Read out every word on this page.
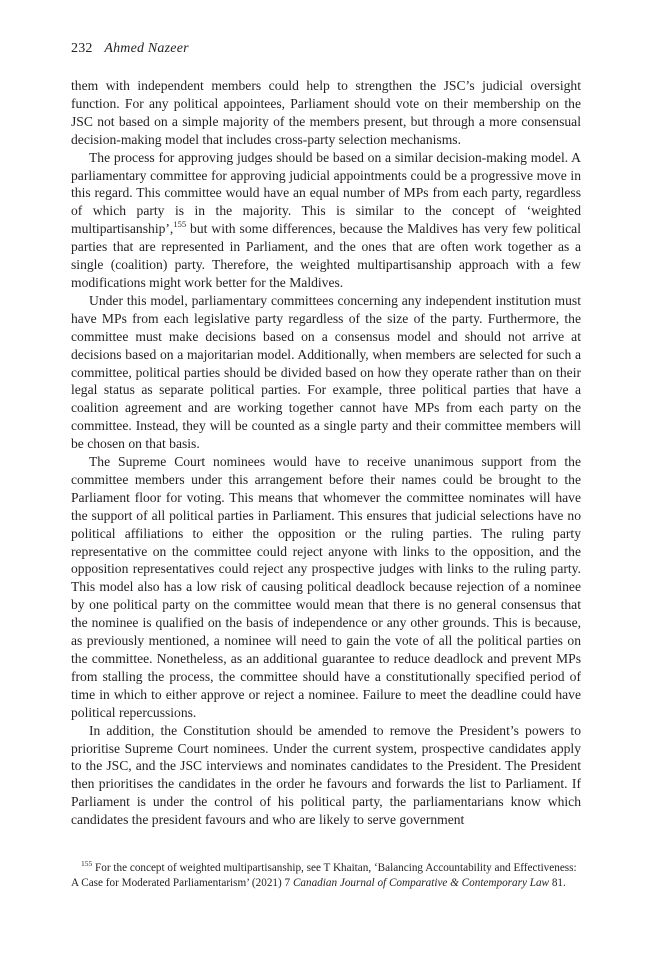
232 Ahmed Nazeer

them with independent members could help to strengthen the JSC’s judicial oversight function. For any political appointees, Parliament should vote on their membership on the JSC not based on a simple majority of the members present, but through a more consensual decision-making model that includes cross-party selection mechanisms.

The process for approving judges should be based on a similar decision-making model. A parliamentary committee for approving judicial appointments could be a progressive move in this regard. This committee would have an equal number of MPs from each party, regardless of which party is in the majority. This is similar to the concept of ‘weighted multipartisanship’,$^{155}$ but with some differences, because the Maldives has very few political parties that are represented in Parliament, and the ones that are often work together as a single (coalition) party. Therefore, the weighted multipartisanship approach with a few modifications might work better for the Maldives.

Under this model, parliamentary committees concerning any independent institution must have MPs from each legislative party regardless of the size of the party. Furthermore, the committee must make decisions based on a consensus model and should not arrive at decisions based on a majoritarian model. Additionally, when members are selected for such a committee, political parties should be divided based on how they operate rather than on their legal status as separate political parties. For example, three political parties that have a coalition agreement and are working together cannot have MPs from each party on the committee. Instead, they will be counted as a single party and their committee members will be chosen on that basis.

The Supreme Court nominees would have to receive unanimous support from the committee members under this arrangement before their names could be brought to the Parliament floor for voting. This means that whomever the committee nominates will have the support of all political parties in Parliament. This ensures that judicial selections have no political affiliations to either the opposition or the ruling parties. The ruling party representative on the committee could reject anyone with links to the opposition, and the opposition representatives could reject any prospective judges with links to the ruling party. This model also has a low risk of causing political deadlock because rejection of a nominee by one political party on the committee would mean that there is no general consensus that the nominee is qualified on the basis of independence or any other grounds. This is because, as previously mentioned, a nominee will need to gain the vote of all the political parties on the committee. Nonetheless, as an additional guarantee to reduce deadlock and prevent MPs from stalling the process, the committee should have a constitutionally specified period of time in which to either approve or reject a nominee. Failure to meet the deadline could have political repercussions.

In addition, the Constitution should be amended to remove the President’s powers to prioritise Supreme Court nominees. Under the current system, prospective candidates apply to the JSC, and the JSC interviews and nominates candidates to the President. The President then prioritises the candidates in the order he favours and forwards the list to Parliament. If Parliament is under the control of his political party, the parliamentarians know which candidates the president favours and who are likely to serve government

$^{155}$ For the concept of weighted multipartisanship, see T Khaitan, ‘Balancing Accountability and Effectiveness:
A Case for Moderated Parliamentarism’ (2021) 7 Canadian Journal of Comparative & Contemporary Law 81.
